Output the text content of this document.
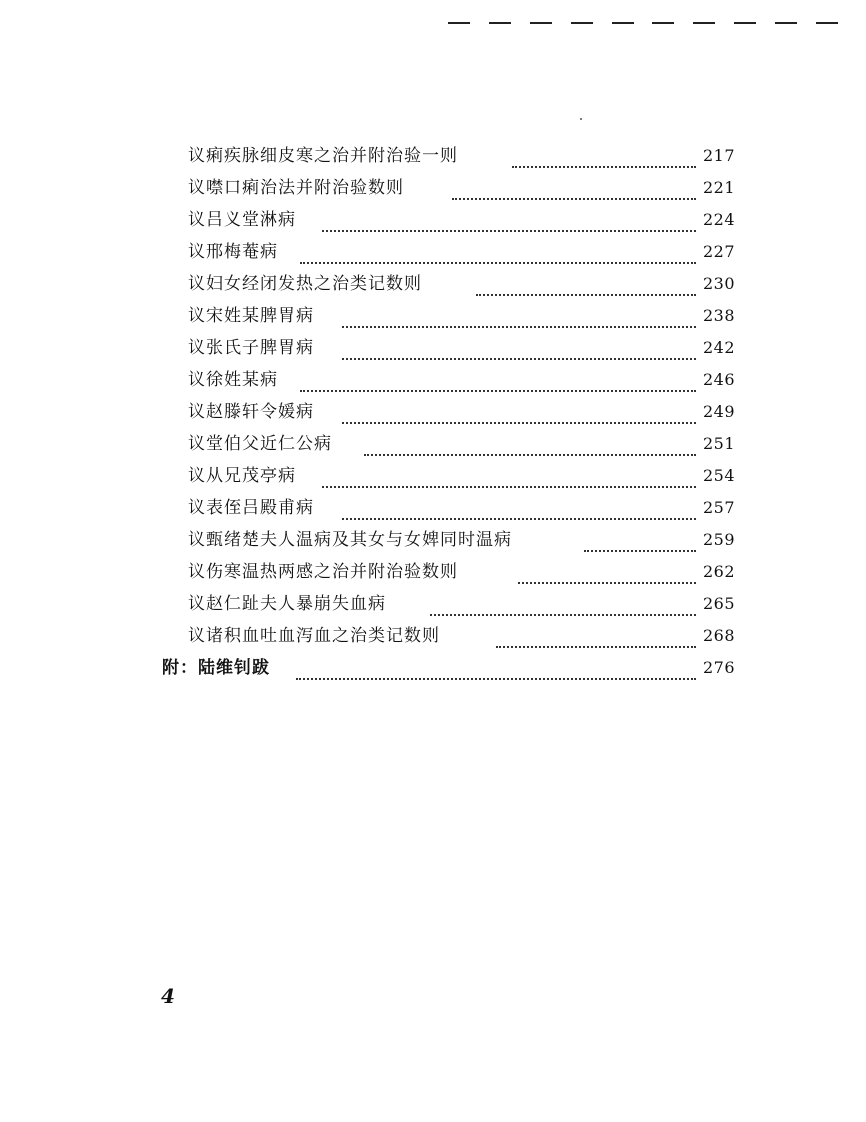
议痢疾脉细皮寒之治并附治验一则	217
议噤口痢治法并附治验数则	221
议吕义堂淋病	224
议邢梅菴病	227
议妇女经闭发热之治类记数则	230
议宋姓某脾胃病	238
议张氏子脾胃病	242
议徐姓某病	246
议赵滕轩令媛病	249
议堂伯父近仁公病	251
议从兄茂亭病	254
议表侄吕殿甫病	257
议甄绪楚夫人温病及其女与女婢同时温病	259
议伤寒温热两感之治并附治验数则	262
议赵仁趾夫人暴崩失血病	265
议诸积血吐血泻血之治类记数则	268
附：陆维钊跋	276
4
